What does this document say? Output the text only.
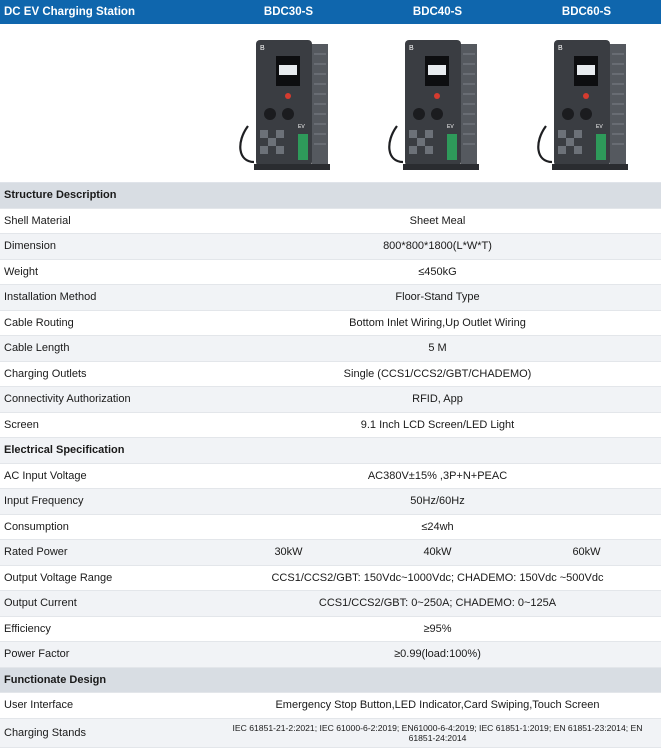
DC EV Charging Station	BDC30-S	BDC40-S	BDC60-S
B
EV
B
EV
B
EV
Structure Description
Shell Material	Sheet Meal
Dimension	800*800*1800(L*W*T)
Weight	≤450kG
Installation Method	Floor-Stand Type
Cable Routing	Bottom Inlet Wiring,Up Outlet Wiring
Cable Length	5 M
Charging Outlets	Single (CCS1/CCS2/GBT/CHADEMO)
Connectivity Authorization	RFID, App
Screen	9.1 Inch LCD Screen/LED Light
Electrical Specification
AC Input Voltage	AC380V±15% ,3P+N+PEAC
Input Frequency	50Hz/60Hz
Consumption	≤24wh
Rated Power	30kW	40kW	60kW
Output Voltage Range	CCS1/CCS2/GBT: 150Vdc~1000Vdc; CHADEMO: 150Vdc ~500Vdc
Output Current	CCS1/CCS2/GBT: 0~250A; CHADEMO: 0~125A
Efficiency	≥95%
Power Factor	≥0.99(load:100%)
Functionate Design
User Interface	Emergency Stop Button,LED Indicator,Card Swiping,Touch Screen
Charging Stands	IEC 61851-21-2:2021; IEC 61000-6-2:2019; EN61000-6-4:2019; IEC 61851-1:2019; EN 61851-23:2014; EN 61851-24:2014
